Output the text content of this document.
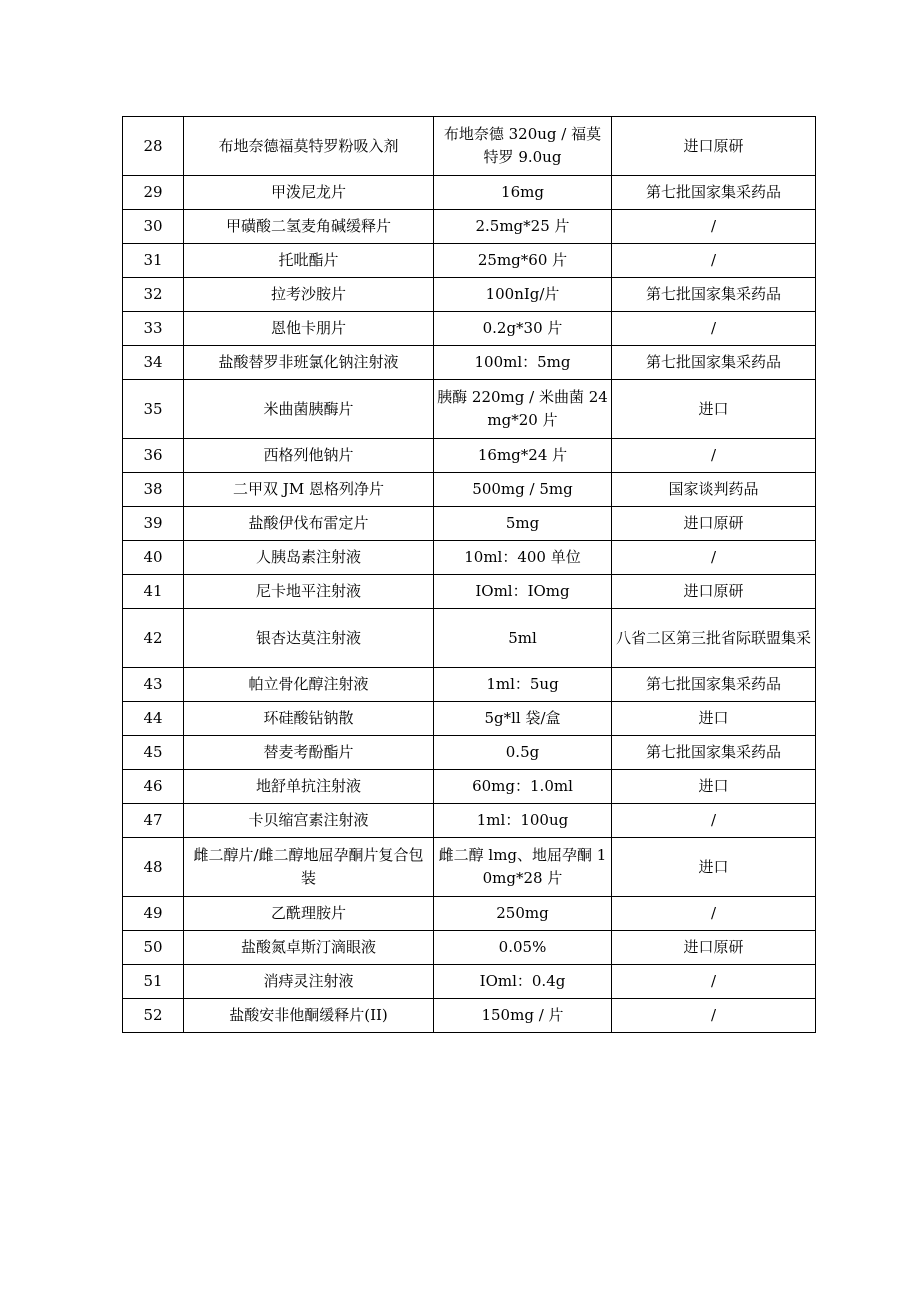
28	布地奈德福莫特罗粉吸入剂	布地奈德 320ug / 福莫特罗 9.0ug	进口原研
29	甲泼尼龙片	16mg	第七批国家集采药品
30	甲磺酸二氢麦角碱缓释片	2.5mg*25 片	/
31	托吡酯片	25mg*60 片	/
32	拉考沙胺片	100nIg/片	第七批国家集采药品
33	恩他卡朋片	0.2g*30 片	/
34	盐酸替罗非班氯化钠注射液	100ml：5mg	第七批国家集采药品
35	米曲菌胰酶片	胰酶 220mg / 米曲菌 24mg*20 片	进口
36	西格列他钠片	16mg*24 片	/
38	二甲双 JM 恩格列净片	500mg / 5mg	国家谈判药品
39	盐酸伊伐布雷定片	5mg	进口原研
40	人胰岛素注射液	10ml：400 单位	/
41	尼卡地平注射液	IOml：IOmg	进口原研
42	银杏达莫注射液	5ml	八省二区第三批省际联盟集采
43	帕立骨化醇注射液	1ml：5ug	第七批国家集采药品
44	环硅酸钻钠散	5g*ll 袋/盒	进口
45	替麦考酚酯片	0.5g	第七批国家集采药品
46	地舒单抗注射液	60mg：1.0ml	进口
47	卡贝缩宫素注射液	1ml：100ug	/
48	雌二醇片/雌二醇地屈孕酮片复合包装	雌二醇 lmg、地屈孕酮 10mg*28 片	进口
49	乙酰理胺片	250mg	/
50	盐酸氮卓斯汀滴眼液	0.05%	进口原研
51	消痔灵注射液	IOml：0.4g	/
52	盐酸安非他酮缓释片(II)	150mg / 片	/
